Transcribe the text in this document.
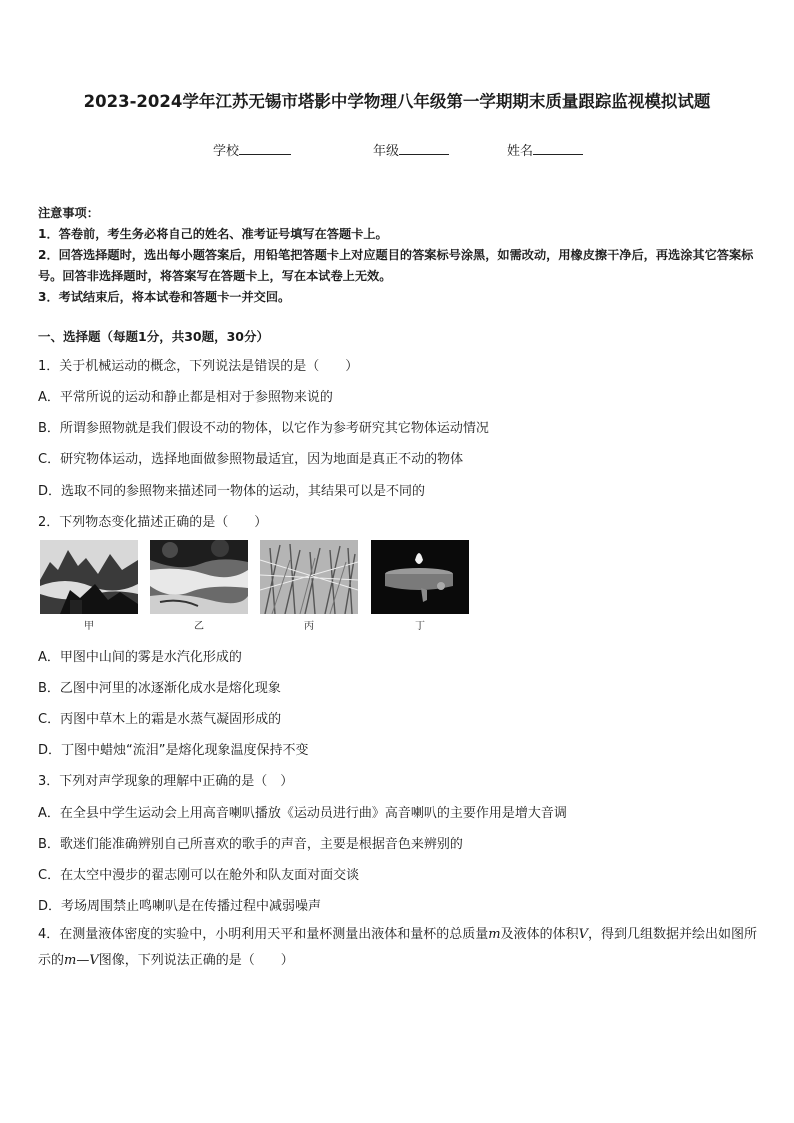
2023-2024学年江苏无锡市塔影中学物理八年级第一学期期末质量跟踪监视模拟试题
学校	年级	姓名

注意事项：

1．答卷前，考生务必将自己的姓名、准考证号填写在答题卡上。

2．回答选择题时，选出每小题答案后，用铅笔把答题卡上对应题目的答案标号涂黑，如需改动，用橡皮擦干净后，再选涂其它答案标号。回答非选择题时，将答案写在答题卡上，写在本试卷上无效。

3．考试结束后，将本试卷和答题卡一并交回。

一、选择题（每题1分，共30题，30分）
1．关于机械运动的概念，下列说法是错误的是（　　）
A．平常所说的运动和静止都是相对于参照物来说的
B．所谓参照物就是我们假设不动的物体，以它作为参考研究其它物体运动情况
C．研究物体运动，选择地面做参照物最适宜，因为地面是真正不动的物体
D．选取不同的参照物来描述同一物体的运动，其结果可以是不同的
2．下列物态变化描述正确的是（　　）
甲	乙	丙	丁
A．甲图中山间的雾是水汽化形成的
B．乙图中河里的冰逐渐化成水是熔化现象
C．丙图中草木上的霜是水蒸气凝固形成的
D．丁图中蜡烛“流泪”是熔化现象温度保持不变
3．下列对声学现象的理解中正确的是（　）
A．在全县中学生运动会上用高音喇叭播放《运动员进行曲》高音喇叭的主要作用是增大音调
B．歌迷们能准确辨别自己所喜欢的歌手的声音，主要是根据音色来辨别的
C．在太空中漫步的翟志刚可以在舱外和队友面对面交谈
D．考场周围禁止鸣喇叭是在传播过程中减弱噪声
4．在测量液体密度的实验中，小明利用天平和量杯测量出液体和量杯的总质量m及液体的体积V，得到几组数据并绘出如图所示的m—V图像，下列说法正确的是（　　）
